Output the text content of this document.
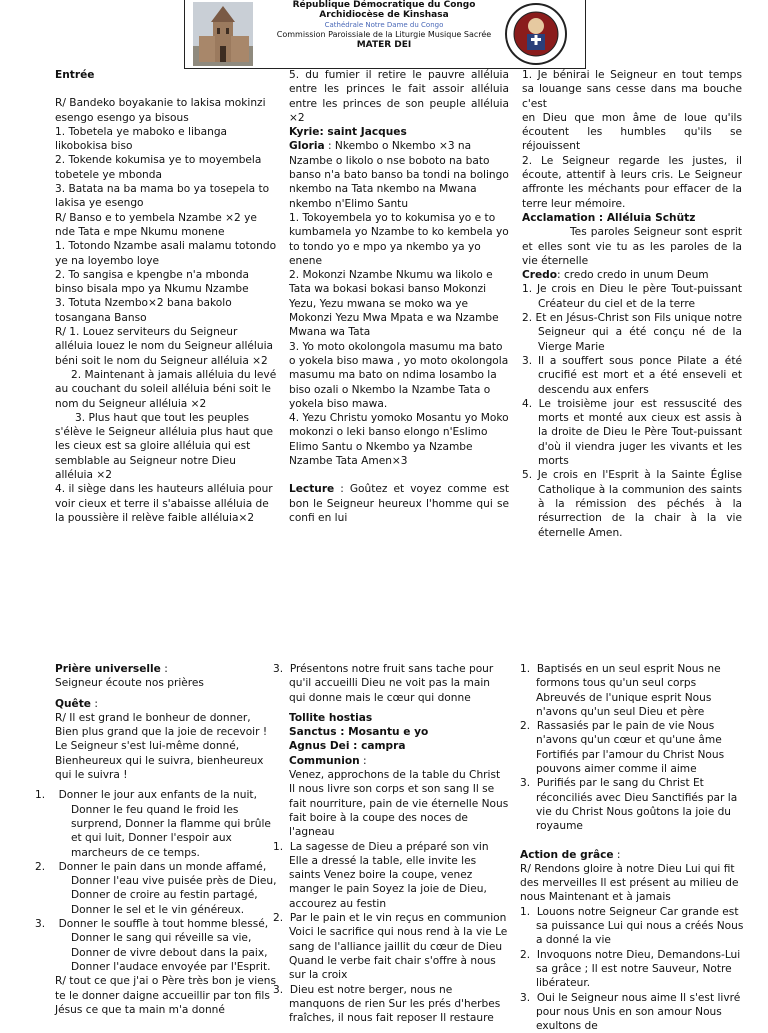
République Démocratique du Congo
Archidiocèse de Kinshasa
Cathédrale Notre Dame du Congo
Commission Paroissiale de la Liturgie Musique Sacrée
MATER DEI

Entrée

R/ Bandeko boyakanie to lakisa mokinzi esengo esengo ya bisous

1. Tobetela ye maboko e libanga likobokisa biso

2. Tokende kokumisa ye to moyembela tobetele ye mbonda

3. Batata na ba mama bo ya tosepela to lakisa ye esengo

R/ Banso e to yembela Nzambe ×2 ye nde Tata e mpe Nkumu monene

1. Totondo Nzambe asali malamu totondo ye na loyembo loye

2. To sangisa e kpengbe n'a mbonda binso bisala mpo ya Nkumu Nzambe

3. Totuta Nzembo×2 bana bakolo tosangana Banso

R/ 1. Louez serviteurs du Seigneur alléluia louez le nom du Seigneur alléluia béni soit le nom du Seigneur alléluia ×2

2. Maintenant à jamais alléluia du levé au couchant du soleil alléluia béni soit le nom du Seigneur alléluia ×2

3. Plus haut que tout les peuples s'élève le Seigneur alléluia plus haut que les cieux est sa gloire alléluia qui est semblable au Seigneur notre Dieu alléluia ×2

4. il siège dans les hauteurs alléluia pour voir cieux et terre il s'abaisse alléluia de la poussière il relève faible alléluia×2

5. du fumier il retire le pauvre alléluia entre les princes le fait assoir alléluia entre les princes de son peuple alléluia ×2

Kyrie: saint Jacques

Gloria : Nkembo o Nkembo ×3 na Nzambe o likolo o nse boboto na bato banso n'a bato banso ba tondi na bolingo nkembo na Tata nkembo na Mwana nkembo n'Elimo Santu

1. Tokoyembela yo to kokumisa yo e to kumbamela yo Nzambe to ko kembela yo to tondo yo e mpo ya nkembo ya yo enene

2. Mokonzi Nzambe Nkumu wa likolo e Tata wa bokasi bokasi banso Mokonzi Yezu, Yezu mwana se moko wa ye Mokonzi Yezu Mwa Mpata e wa Nzambe Mwana wa Tata

3. Yo moto okolongola masumu ma bato o yokela biso mawa , yo moto okolongola masumu ma bato on ndima losambo la biso ozali o Nkembo la Nzambe Tata o yokela biso mawa.

4. Yezu Christu yomoko Mosantu yo Moko mokonzi o leki banso elongo n'Eslimo Elimo Santu o Nkembo ya Nzambe Nzambe Tata Amen×3

Lecture : Goûtez et voyez comme est bon le Seigneur heureux l'homme qui se confi en lui

1. Je bénirai le Seigneur en tout temps sa louange sans cesse dans ma bouche c'est

en Dieu que mon âme de loue qu'ils écoutent les humbles qu'ils se réjouissent

2. Le Seigneur regarde les justes, il écoute, attentif à leurs cris. Le Seigneur affronte les méchants pour effacer de la terre leur mémoire.

Acclamation : Alléluia Schütz

Tes paroles Seigneur sont esprit et elles sont vie tu as les paroles de la vie éternelle

Credo: credo credo in unum Deum

1. Je crois en Dieu le père Tout-puissant Créateur du ciel et de la terre

2. Et en Jésus-Christ son Fils unique notre Seigneur qui a été conçu né de la Vierge Marie

3. Il a souffert sous ponce Pilate a été crucifié est mort et a été enseveli et descendu aux enfers

4. Le troisième jour est ressuscité des morts et monté aux cieux est assis à la droite de Dieu le Père Tout-puissant d'où il viendra juger les vivants et les morts

5. Je crois en l'Esprit à la Sainte Église Catholique à la communion des saints à la rémission des péchés à la résurrection de la chair à la vie éternelle Amen.

Prière universelle :

Seigneur écoute nos prières

Quête :

R/ Il est grand le bonheur de donner, Bien plus grand que la joie de recevoir ! Le Seigneur s'est lui-même donné, Bienheureux qui le suivra, bienheureux qui le suivra !

1.    Donner le jour aux enfants de la nuit, Donner le feu quand le froid les surprend, Donner la flamme qui brûle et qui luit, Donner l'espoir aux marcheurs de ce temps.

2.    Donner le pain dans un monde affamé, Donner l'eau vive puisée près de Dieu, Donner de croire au festin partagé, Donner le sel et le vin généreux.

3.    Donner le souffle à tout homme blessé, Donner le sang qui réveille sa vie, Donner de vivre debout dans la paix, Donner l'audace envoyée par l'Esprit.

R/ tout ce que j'ai o Père très bon je viens te le donner daigne accueillir par ton fils Jésus ce que ta main m'a donné

3.  Présentons notre fruit sans tache pour qu'il accueilli Dieu ne voit pas la main qui donne mais le cœur qui donne

Tollite hostias

Sanctus : Mosantu e yo

Agnus Dei : campra

Communion :

Venez, approchons de la table du Christ Il nous livre son corps et son sang Il se fait nourriture, pain de vie éternelle Nous fait boire à la coupe des noces de l'agneau

1.  La sagesse de Dieu a préparé son vin Elle a dressé la table, elle invite les saints Venez boire la coupe, venez manger le pain Soyez la joie de Dieu, accourez au festin

2.  Par le pain et le vin reçus en communion Voici le sacrifice qui nous rend à la vie Le sang de l'alliance jaillit du cœur de Dieu Quand le verbe fait chair s'offre à nous sur la croix

3.  Dieu est notre berger, nous ne manquons de rien Sur les prés d'herbes fraîches, il nous fait reposer Il restaure

1.  Baptisés en un seul esprit Nous ne formons tous qu'un seul corps Abreuvés de l'unique esprit Nous n'avons qu'un seul Dieu et père

2.  Rassasiés par le pain de vie Nous n'avons qu'un cœur et qu'une âme Fortifiés par l'amour du Christ Nous pouvons aimer comme il aime

3.  Purifiés par le sang du Christ Et réconciliés avec Dieu Sanctifiés par la vie du Christ Nous goûtons la joie du royaume

Action de grâce :

R/ Rendons gloire à notre Dieu Lui qui fit des merveilles Il est présent au milieu de nous Maintenant et à jamais

1.  Louons notre Seigneur Car grande est sa puissance Lui qui nous a créés Nous a donné la vie

2.  Invoquons notre Dieu, Demandons-Lui sa grâce ; Il est notre Sauveur, Notre libérateur.

3.  Oui le Seigneur nous aime Il s'est livré pour nous Unis en son amour Nous exultons de
